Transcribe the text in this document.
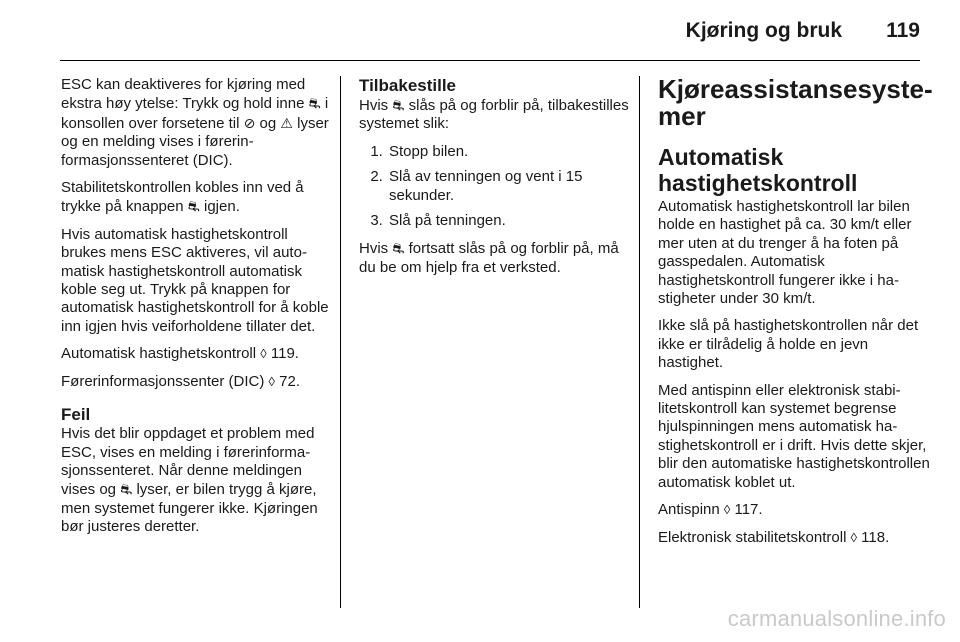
Kjøring og bruk 119

ESC kan deaktiveres for kjøring med ekstra høy ytelse: Trykk og hold inne ⛐ i konsollen over forsetene til ⊘ og ⚠ lyser og en melding vises i førerinformasjonssenteret (DIC).

Stabilitetskontrollen kobles inn ved å trykke på knappen ⛐ igjen.

Hvis automatisk hastighetskontroll brukes mens ESC aktiveres, vil automatisk hastighetskontroll automatisk koble seg ut. Trykk på knappen for automatisk hastighetskontroll for å koble inn igjen hvis veiforholdene tillater det.

Automatisk hastighetskontroll ◊ 119.

Førerinformasjonssenter (DIC) ◊ 72.

Feil

Hvis det blir oppdaget et problem med ESC, vises en melding i førerinformasjonssenteret. Når denne meldingen vises og ⛐ lyser, er bilen trygg å kjøre, men systemet fungerer ikke. Kjøringen bør justeres deretter.

Tilbakestille

Hvis ⛐ slås på og forblir på, tilbakestilles systemet slik:

1. Stopp bilen.
2. Slå av tenningen og vent i 15 sekunder.
3. Slå på tenningen.

Hvis ⛐ fortsatt slås på og forblir på, må du be om hjelp fra et verksted.

Kjøreassistansesystemer
Automatisk hastighetskontroll

Automatisk hastighetskontroll lar bilen holde en hastighet på ca. 30 km/t eller mer uten at du trenger å ha foten på gasspedalen. Automatisk hastighetskontroll fungerer ikke i hastigheter under 30 km/t.

Ikke slå på hastighetskontrollen når det ikke er tilrådelig å holde en jevn hastighet.

Med antispinn eller elektronisk stabilitetskontroll kan systemet begrense hjulspinningen mens automatisk hastighetskontroll er i drift. Hvis dette skjer, blir den automatiske hastighetskontrollen automatisk koblet ut.

Antispinn ◊ 117.

Elektronisk stabilitetskontroll ◊ 118.

carmanualsonline.info
